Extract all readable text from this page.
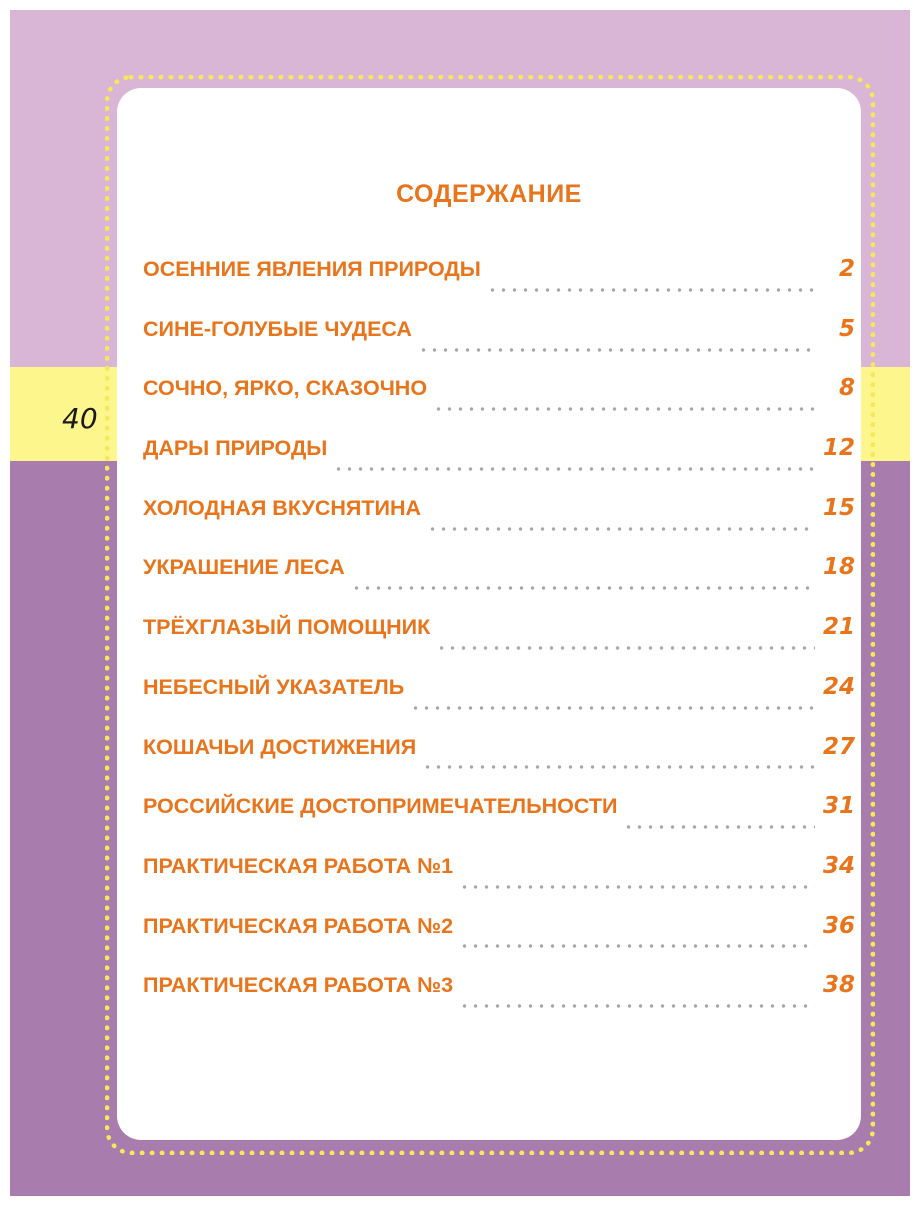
40
СОДЕРЖАНИЕ
ОСЕННИЕ ЯВЛЕНИЯ ПРИРОДЫ	2
СИНЕ-ГОЛУБЫЕ ЧУДЕСА	5
СОЧНО, ЯРКО, СКАЗОЧНО	8
ДАРЫ ПРИРОДЫ	12
ХОЛОДНАЯ ВКУСНЯТИНА	15
УКРАШЕНИЕ ЛЕСА	18
ТРЁХГЛАЗЫЙ ПОМОЩНИК	21
НЕБЕСНЫЙ УКАЗАТЕЛЬ	24
КОШАЧЬИ ДОСТИЖЕНИЯ	27
РОССИЙСКИЕ ДОСТОПРИМЕЧАТЕЛЬНОСТИ	31
ПРАКТИЧЕСКАЯ РАБОТА №1	34
ПРАКТИЧЕСКАЯ РАБОТА №2	36
ПРАКТИЧЕСКАЯ РАБОТА №3	38
